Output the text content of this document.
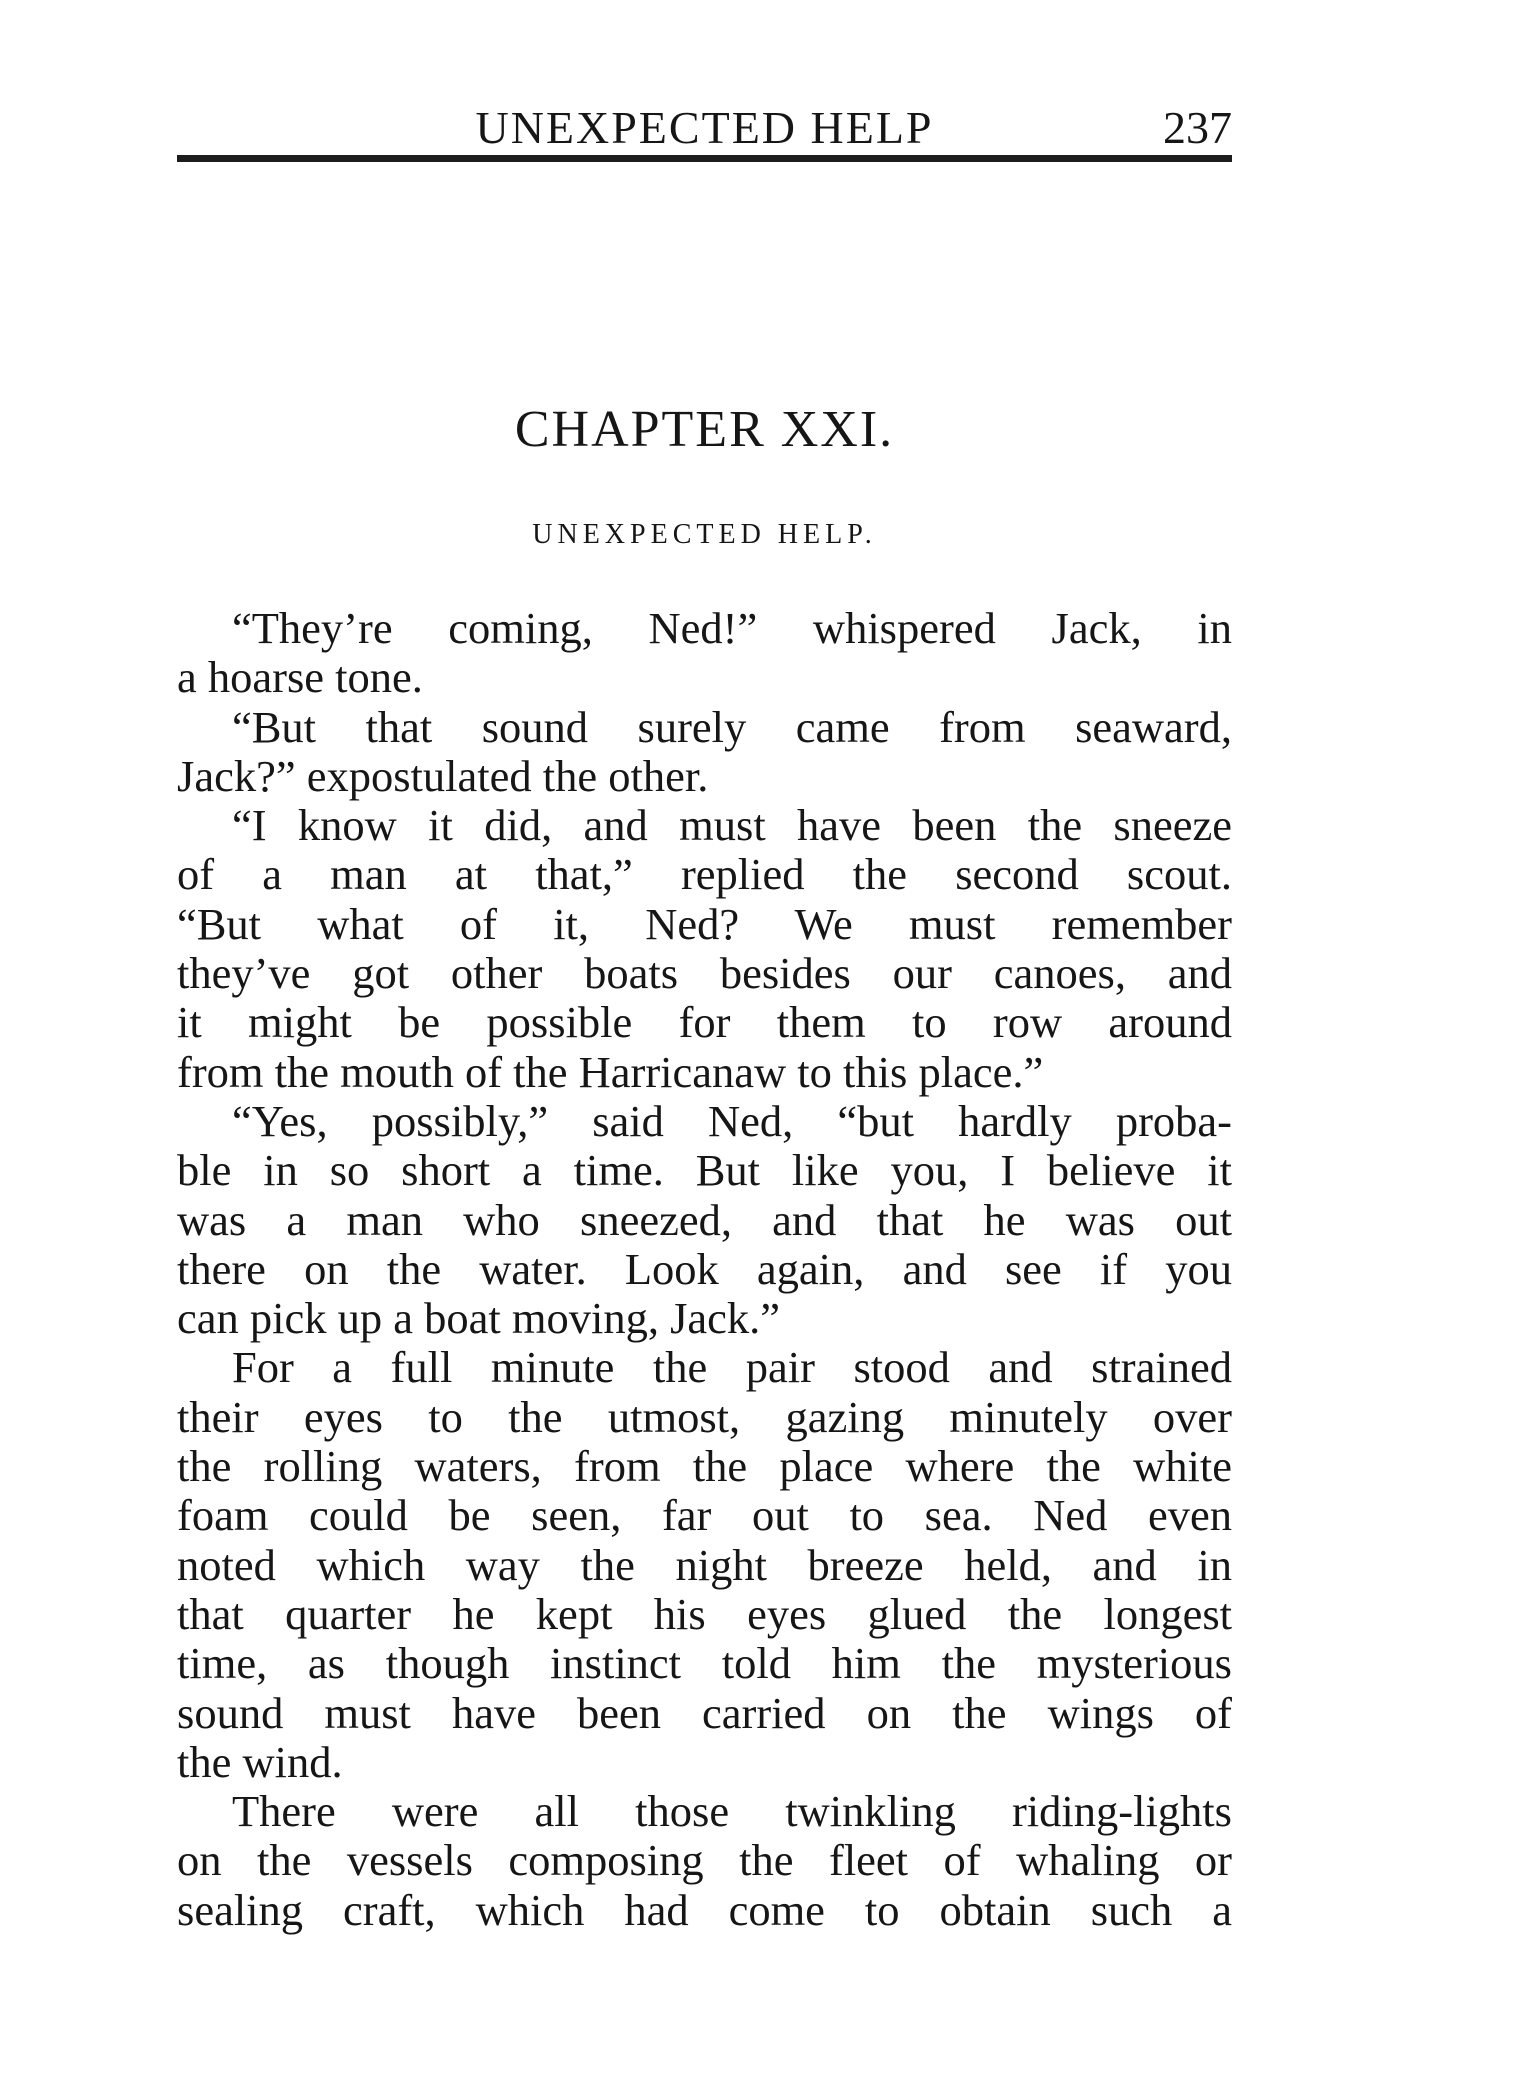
UNEXPECTED HELP	237
CHAPTER XXI.
UNEXPECTED HELP.
“They’re coming, Ned!” whispered Jack, in
a hoarse tone.
“But that sound surely came from seaward,
Jack?” expostulated the other.
“I know it did, and must have been the sneeze
of a man at that,” replied the second scout.
“But what of it, Ned? We must remember
they’ve got other boats besides our canoes, and
it might be possible for them to row around
from the mouth of the Harricanaw to this place.”
“Yes, possibly,” said Ned, “but hardly proba-
ble in so short a time. But like you, I believe it
was a man who sneezed, and that he was out
there on the water. Look again, and see if you
can pick up a boat moving, Jack.”
For a full minute the pair stood and strained
their eyes to the utmost, gazing minutely over
the rolling waters, from the place where the white
foam could be seen, far out to sea. Ned even
noted which way the night breeze held, and in
that quarter he kept his eyes glued the longest
time, as though instinct told him the mysterious
sound must have been carried on the wings of
the wind.
There were all those twinkling riding-lights
on the vessels composing the fleet of whaling or
sealing craft, which had come to obtain such a
